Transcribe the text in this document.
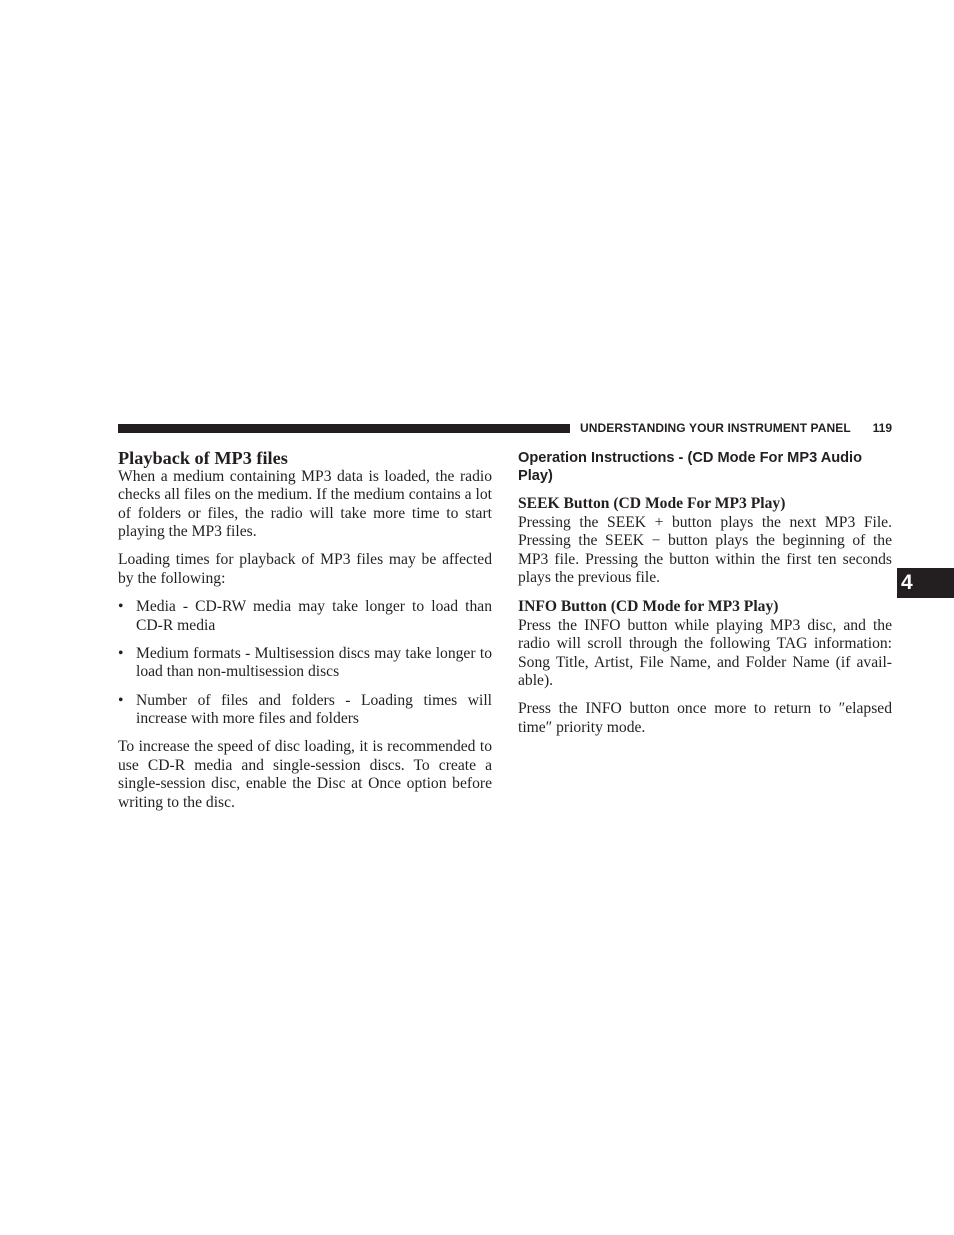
UNDERSTANDING YOUR INSTRUMENT PANEL	119
4
Playback of MP3 files

When a medium containing MP3 data is loaded, the radio checks all files on the medium. If the medium contains a lot of folders or files, the radio will take more time to start playing the MP3 files.

Loading times for playback of MP3 files may be affected by the following:

• Media - CD-RW media may take longer to load than CD-R media
• Medium formats - Multisession discs may take longer to load than non-multisession discs
• Number of files and folders - Loading times will increase with more files and folders

To increase the speed of disc loading, it is recommended to use CD-R media and single-session discs. To create a single-session disc, enable the Disc at Once option before writing to the disc.

Operation Instructions - (CD Mode For MP3 Audio Play)
SEEK Button (CD Mode For MP3 Play)

Pressing the SEEK + button plays the next MP3 File. Pressing the SEEK − button plays the beginning of the MP3 file. Pressing the button within the first ten seconds plays the previous file.

INFO Button (CD Mode for MP3 Play)

Press the INFO button while playing MP3 disc, and the radio will scroll through the following TAG information: Song Title, Artist, File Name, and Folder Name (if avail-able).

Press the INFO button once more to return to ″elapsed time″ priority mode.
